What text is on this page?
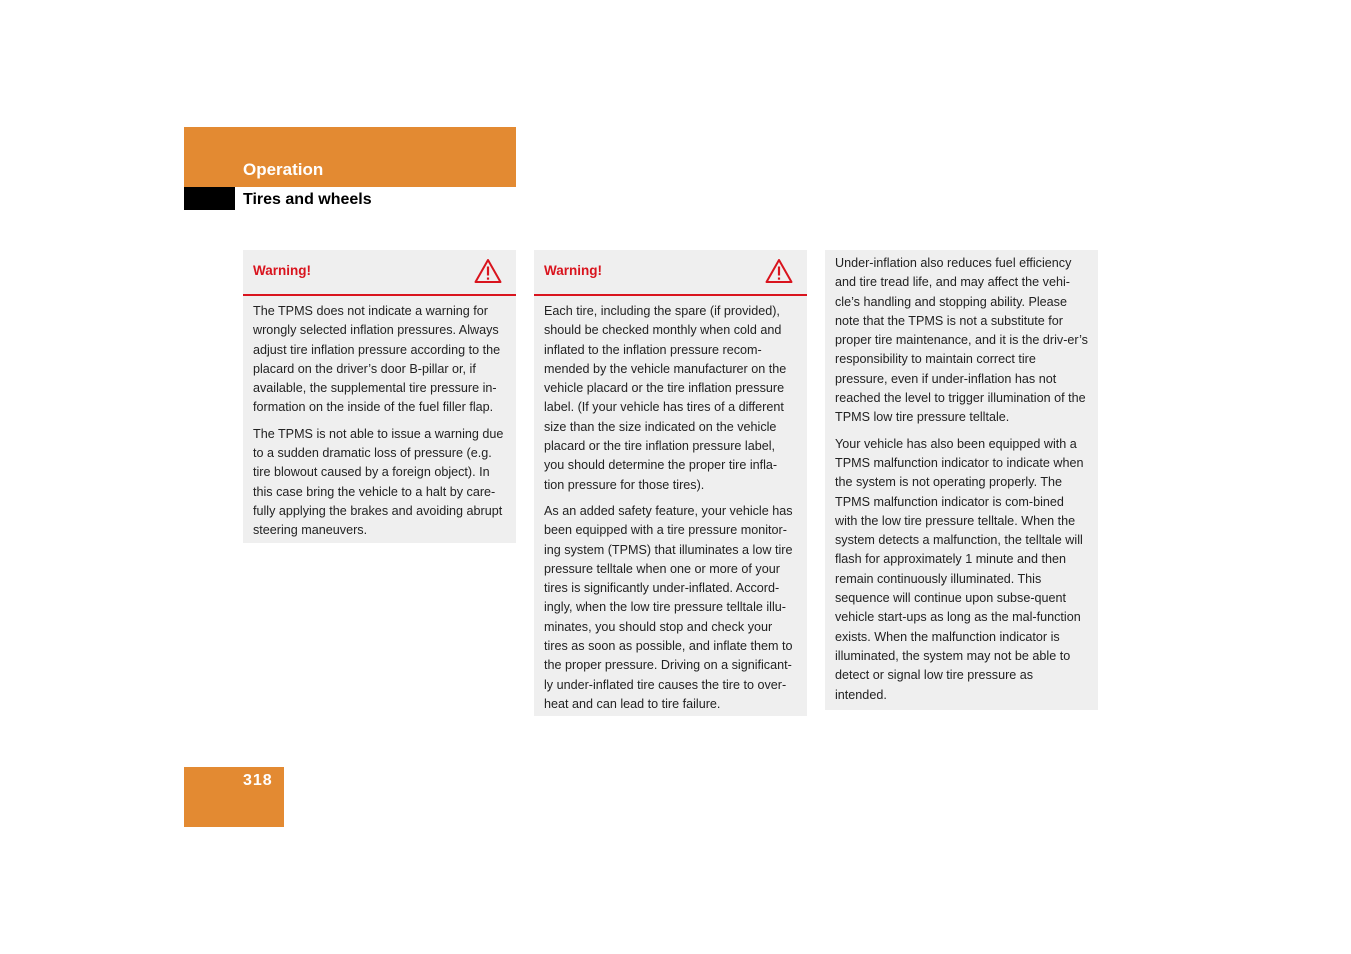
Operation
Tires and wheels
Warning!

The TPMS does not indicate a warning for wrongly selected inflation pressures. Always adjust tire inflation pressure according to the placard on the driver’s door B-pillar or, if available, the supplemental tire pressure in-formation on the inside of the fuel filler flap.

The TPMS is not able to issue a warning due to a sudden dramatic loss of pressure (e.g. tire blowout caused by a foreign object). In this case bring the vehicle to a halt by care-fully applying the brakes and avoiding abrupt steering maneuvers.

Warning!

Each tire, including the spare (if provided), should be checked monthly when cold and inflated to the inflation pressure recom-mended by the vehicle manufacturer on the vehicle placard or the tire inflation pressure label. (If your vehicle has tires of a different size than the size indicated on the vehicle placard or the tire inflation pressure label, you should determine the proper tire infla-tion pressure for those tires).

As an added safety feature, your vehicle has been equipped with a tire pressure monitor-ing system (TPMS) that illuminates a low tire pressure telltale when one or more of your tires is significantly under-inflated. Accord-ingly, when the low tire pressure telltale illu-minates, you should stop and check your tires as soon as possible, and inflate them to the proper pressure. Driving on a significant-ly under-inflated tire causes the tire to over-heat and can lead to tire failure.

Under-inflation also reduces fuel efficiency and tire tread life, and may affect the vehi-cle’s handling and stopping ability. Please note that the TPMS is not a substitute for proper tire maintenance, and it is the driv-er’s responsibility to maintain correct tire pressure, even if under-inflation has not reached the level to trigger illumination of the TPMS low tire pressure telltale.

Your vehicle has also been equipped with a TPMS malfunction indicator to indicate when the system is not operating properly. The TPMS malfunction indicator is com-bined with the low tire pressure telltale. When the system detects a malfunction, the telltale will flash for approximately 1 minute and then remain continuously illuminated. This sequence will continue upon subse-quent vehicle start-ups as long as the mal-function exists. When the malfunction indicator is illuminated, the system may not be able to detect or signal low tire pressure as intended.

318
